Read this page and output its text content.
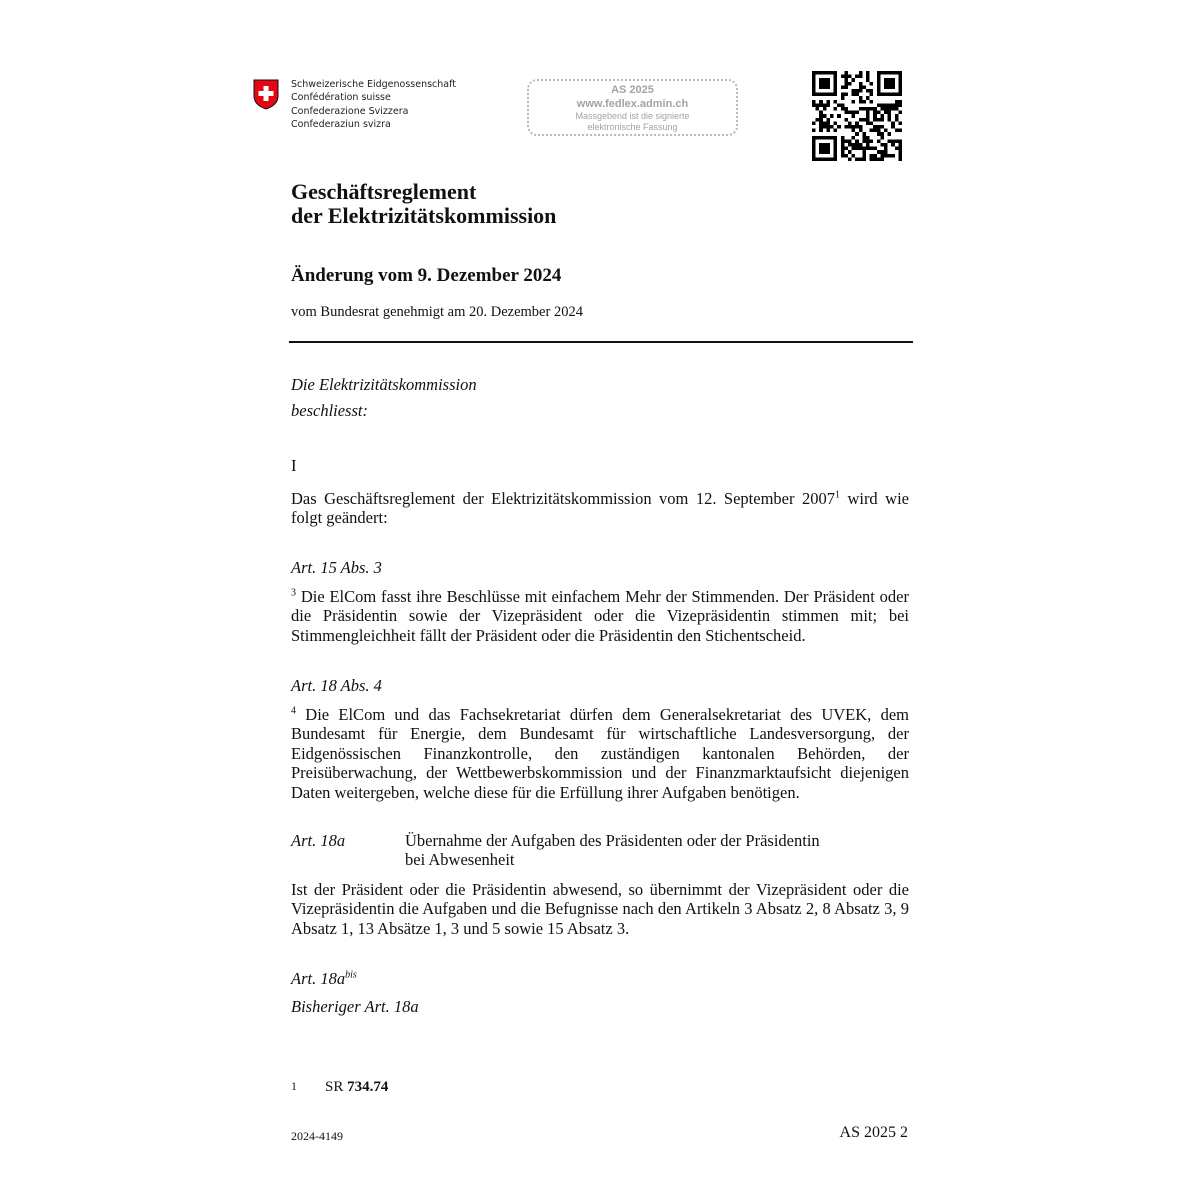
Schweizerische Eidgenossenschaft
Confédération suisse
Confederazione Svizzera
Confederaziun svizra
AS 2025
www.fedlex.admin.ch
Massgebend ist die signierte
elektronische Fassung
Geschäftsreglement
der Elektrizitätskommission
Änderung vom 9. Dezember 2024
vom Bundesrat genehmigt am 20. Dezember 2024
Die Elektrizitätskommission
beschliesst:
I
Das Geschäftsreglement der Elektrizitätskommission vom 12. September 2007$^1$ wird wie folgt geändert:
Art. 15 Abs. 3
$^3$ Die ElCom fasst ihre Beschlüsse mit einfachem Mehr der Stimmenden. Der Präsident oder die Präsidentin sowie der Vizepräsident oder die Vizepräsidentin stimmen mit; bei Stimmengleichheit fällt der Präsident oder die Präsidentin den Stichentscheid.
Art. 18 Abs. 4
$^4$ Die ElCom und das Fachsekretariat dürfen dem Generalsekretariat des UVEK, dem Bundesamt für Energie, dem Bundesamt für wirtschaftliche Landesversorgung, der Eidgenössischen Finanzkontrolle, den zuständigen kantonalen Behörden, der Preisüberwachung, der Wettbewerbskommission und der Finanzmarktaufsicht diejenigen Daten weitergeben, welche diese für die Erfüllung ihrer Aufgaben benötigen.
Art. 18a	Übernahme der Aufgaben des Präsidenten oder der Präsidentin
bei Abwesenheit
Ist der Präsident oder die Präsidentin abwesend, so übernimmt der Vizepräsident oder die Vizepräsidentin die Aufgaben und die Befugnisse nach den Artikeln 3 Absatz 2, 8 Absatz 3, 9 Absatz 1, 13 Absätze 1, 3 und 5 sowie 15 Absatz 3.
Art. $18a^{bis}$
Bisheriger Art. 18a
1 SR 734.74
2024-4149	AS 2025 2
